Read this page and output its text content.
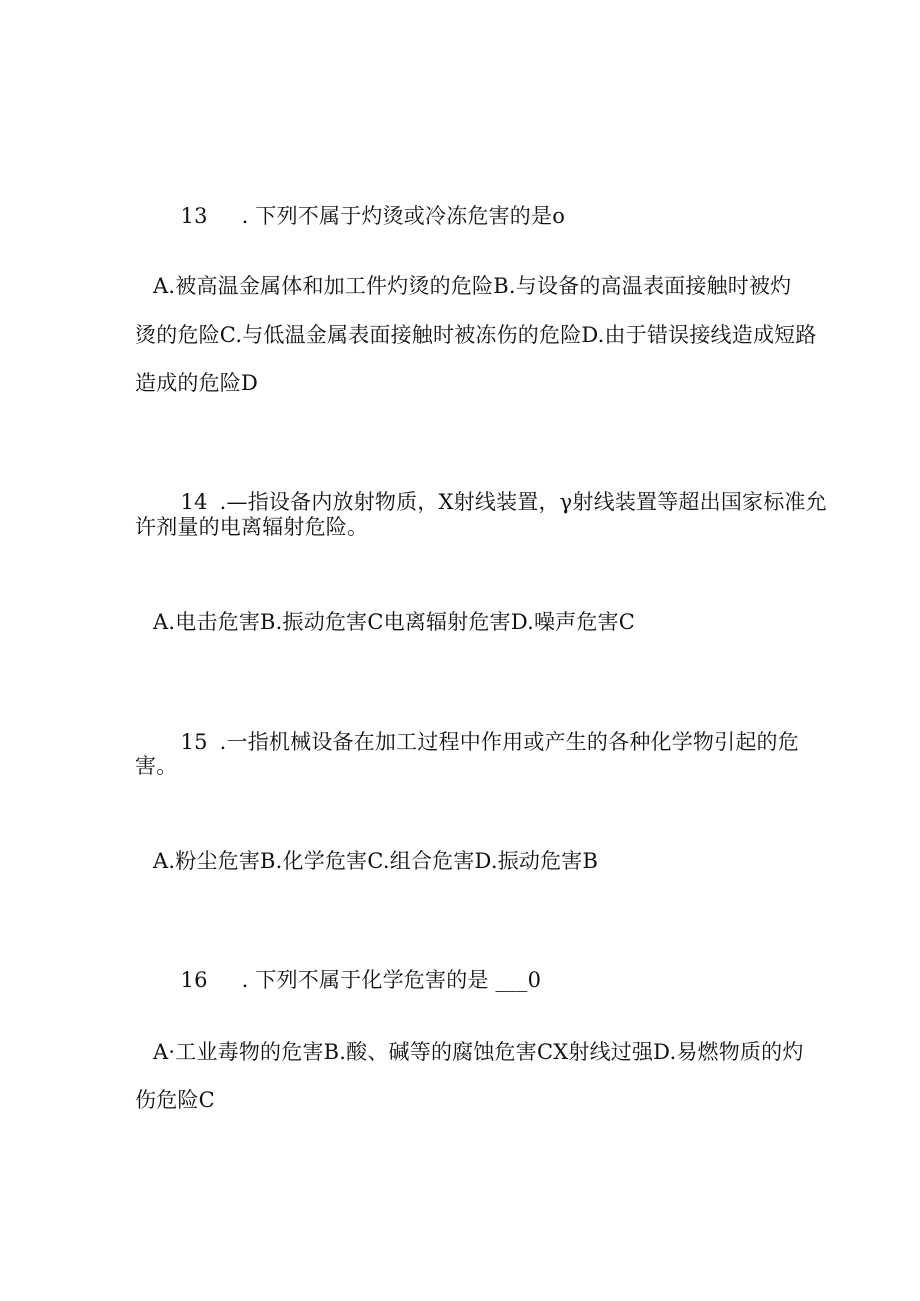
13 . 下列不属于灼烫或冷冻危害的是o

A.被高温金属体和加工件灼烫的危险B.与设备的高温表面接触时被灼
烫的危险C.与低温金属表面接触时被冻伤的危险D.由于错误接线造成短路
造成的危险D

14 .—指设备内放射物质，X射线装置，γ射线装置等超出国家标准允

许剂量的电离辐射危险。
A.电击危害B.振动危害C电离辐射危害D.噪声危害C

15 .一指机械设备在加工过程中作用或产生的各种化学物引起的危

害。
A.粉尘危害B.化学危害C.组合危害D.振动危害B

16 . 下列不属于化学危害的是 ___0

A·工业毒物的危害B.酸、碱等的腐蚀危害CX射线过强D.易燃物质的灼
伤危险C
